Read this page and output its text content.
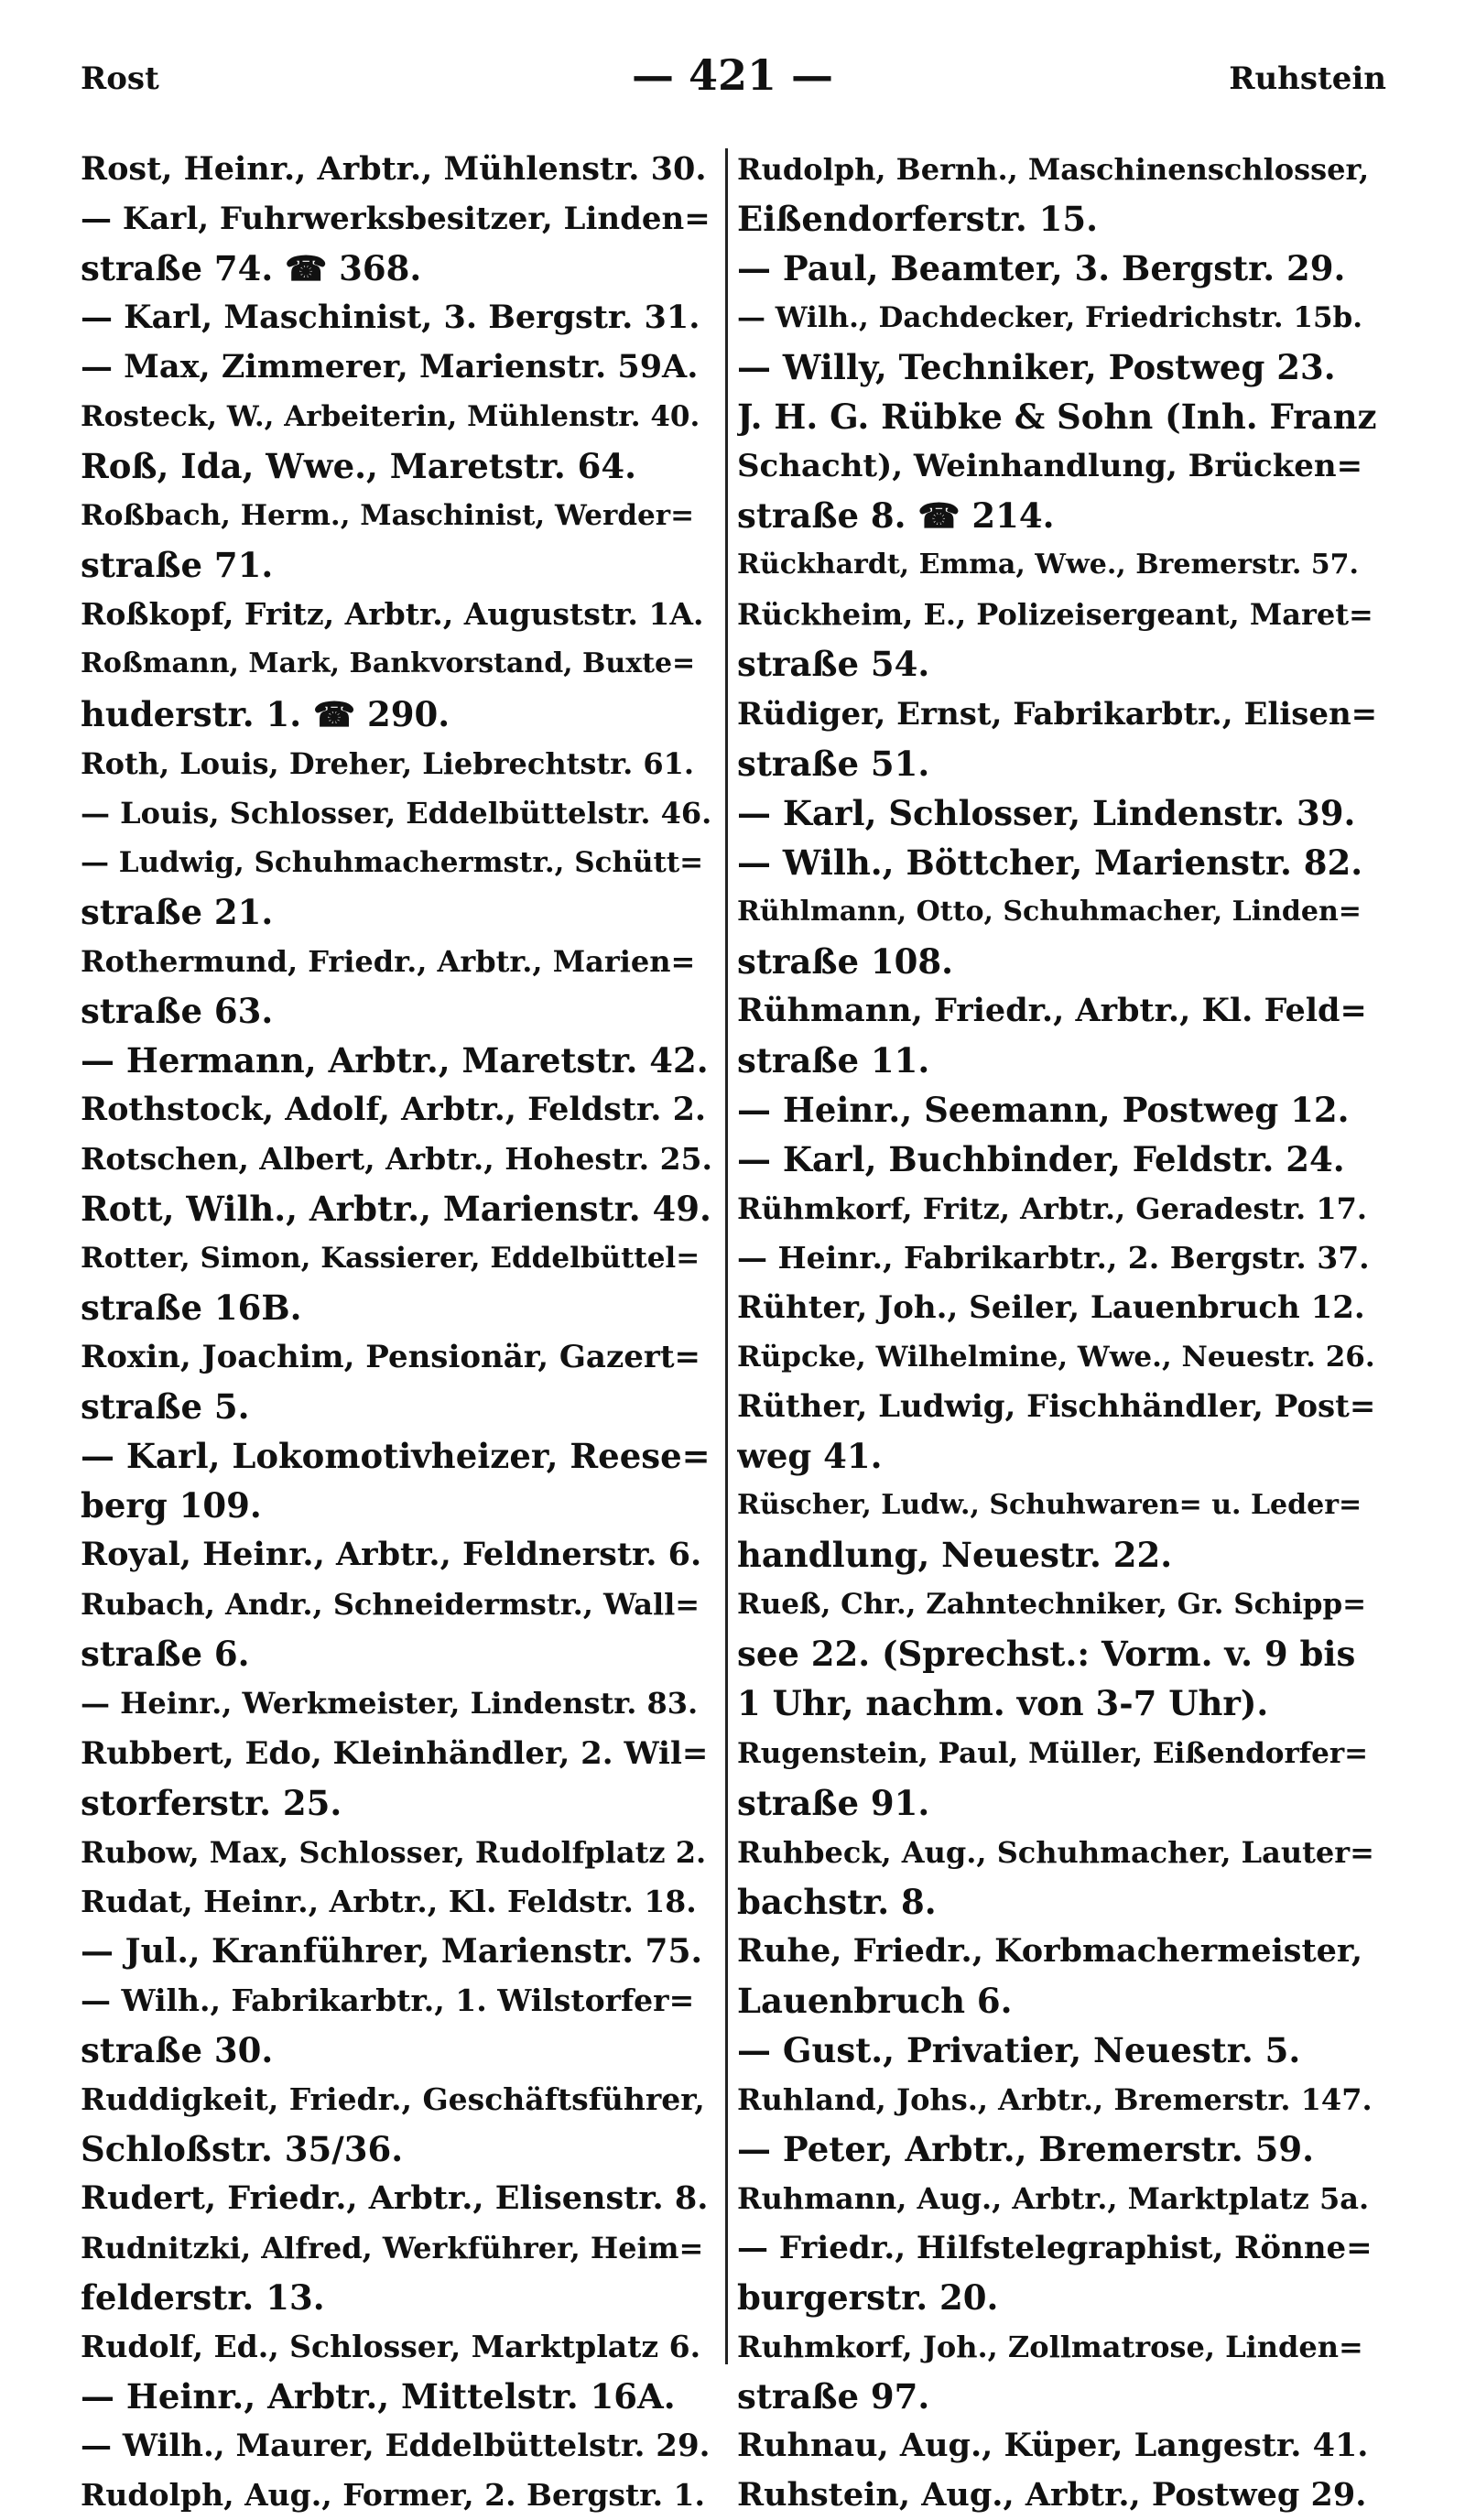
Rost	— 421 —	Ruhstein
Rost, Heinr., Arbtr., Mühlenstr. 30.
— Karl, Fuhrwerksbesitzer, Linden=
straße 74. ☎ 368.
— Karl, Maschinist, 3. Bergstr. 31.
— Max, Zimmerer, Marienstr. 59A.
Rosteck, W., Arbeiterin, Mühlenstr. 40.
Roß, Ida, Wwe., Maretstr. 64.
Roßbach, Herm., Maschinist, Werder=
straße 71.
Roßkopf, Fritz, Arbtr., Auguststr. 1A.
Roßmann, Mark, Bankvorstand, Buxte=
huderstr. 1. ☎ 290.
Roth, Louis, Dreher, Liebrechtstr. 61.
— Louis, Schlosser, Eddelbüttelstr. 46.
— Ludwig, Schuhmachermstr., Schütt=
straße 21.
Rothermund, Friedr., Arbtr., Marien=
straße 63.
— Hermann, Arbtr., Maretstr. 42.
Rothstock, Adolf, Arbtr., Feldstr. 2.
Rotschen, Albert, Arbtr., Hohestr. 25.
Rott, Wilh., Arbtr., Marienstr. 49.
Rotter, Simon, Kassierer, Eddelbüttel=
straße 16B.
Roxin, Joachim, Pensionär, Gazert=
straße 5.
— Karl, Lokomotivheizer, Reese=
berg 109.
Royal, Heinr., Arbtr., Feldnerstr. 6.
Rubach, Andr., Schneidermstr., Wall=
straße 6.
— Heinr., Werkmeister, Lindenstr. 83.
Rubbert, Edo, Kleinhändler, 2. Wil=
storferstr. 25.
Rubow, Max, Schlosser, Rudolfplatz 2.
Rudat, Heinr., Arbtr., Kl. Feldstr. 18.
— Jul., Kranführer, Marienstr. 75.
— Wilh., Fabrikarbtr., 1. Wilstorfer=
straße 30.
Ruddigkeit, Friedr., Geschäftsführer,
Schloßstr. 35/36.
Rudert, Friedr., Arbtr., Elisenstr. 8.
Rudnitzki, Alfred, Werkführer, Heim=
felderstr. 13.
Rudolf, Ed., Schlosser, Marktplatz 6.
— Heinr., Arbtr., Mittelstr. 16A.
— Wilh., Maurer, Eddelbüttelstr. 29.
Rudolph, Aug., Former, 2. Bergstr. 1.
Rudolph, Bernh., Maschinenschlosser,
Eißendorferstr. 15.
— Paul, Beamter, 3. Bergstr. 29.
— Wilh., Dachdecker, Friedrichstr. 15b.
— Willy, Techniker, Postweg 23.
J. H. G. Rübke & Sohn (Inh. Franz
Schacht), Weinhandlung, Brücken=
straße 8. ☎ 214.
Rückhardt, Emma, Wwe., Bremerstr. 57.
Rückheim, E., Polizeisergeant, Maret=
straße 54.
Rüdiger, Ernst, Fabrikarbtr., Elisen=
straße 51.
— Karl, Schlosser, Lindenstr. 39.
— Wilh., Böttcher, Marienstr. 82.
Rühlmann, Otto, Schuhmacher, Linden=
straße 108.
Rühmann, Friedr., Arbtr., Kl. Feld=
straße 11.
— Heinr., Seemann, Postweg 12.
— Karl, Buchbinder, Feldstr. 24.
Rühmkorf, Fritz, Arbtr., Geradestr. 17.
— Heinr., Fabrikarbtr., 2. Bergstr. 37.
Rühter, Joh., Seiler, Lauenbruch 12.
Rüpcke, Wilhelmine, Wwe., Neuestr. 26.
Rüther, Ludwig, Fischhändler, Post=
weg 41.
Rüscher, Ludw., Schuhwaren= u. Leder=
handlung, Neuestr. 22.
Rueß, Chr., Zahntechniker, Gr. Schipp=
see 22. (Sprechst.: Vorm. v. 9 bis
1 Uhr, nachm. von 3-7 Uhr).
Rugenstein, Paul, Müller, Eißendorfer=
straße 91.
Ruhbeck, Aug., Schuhmacher, Lauter=
bachstr. 8.
Ruhe, Friedr., Korbmachermeister,
Lauenbruch 6.
— Gust., Privatier, Neuestr. 5.
Ruhland, Johs., Arbtr., Bremerstr. 147.
— Peter, Arbtr., Bremerstr. 59.
Ruhmann, Aug., Arbtr., Marktplatz 5a.
— Friedr., Hilfstelegraphist, Rönne=
burgerstr. 20.
Ruhmkorf, Joh., Zollmatrose, Linden=
straße 97.
Ruhnau, Aug., Küper, Langestr. 41.
Ruhstein, Aug., Arbtr., Postweg 29.
